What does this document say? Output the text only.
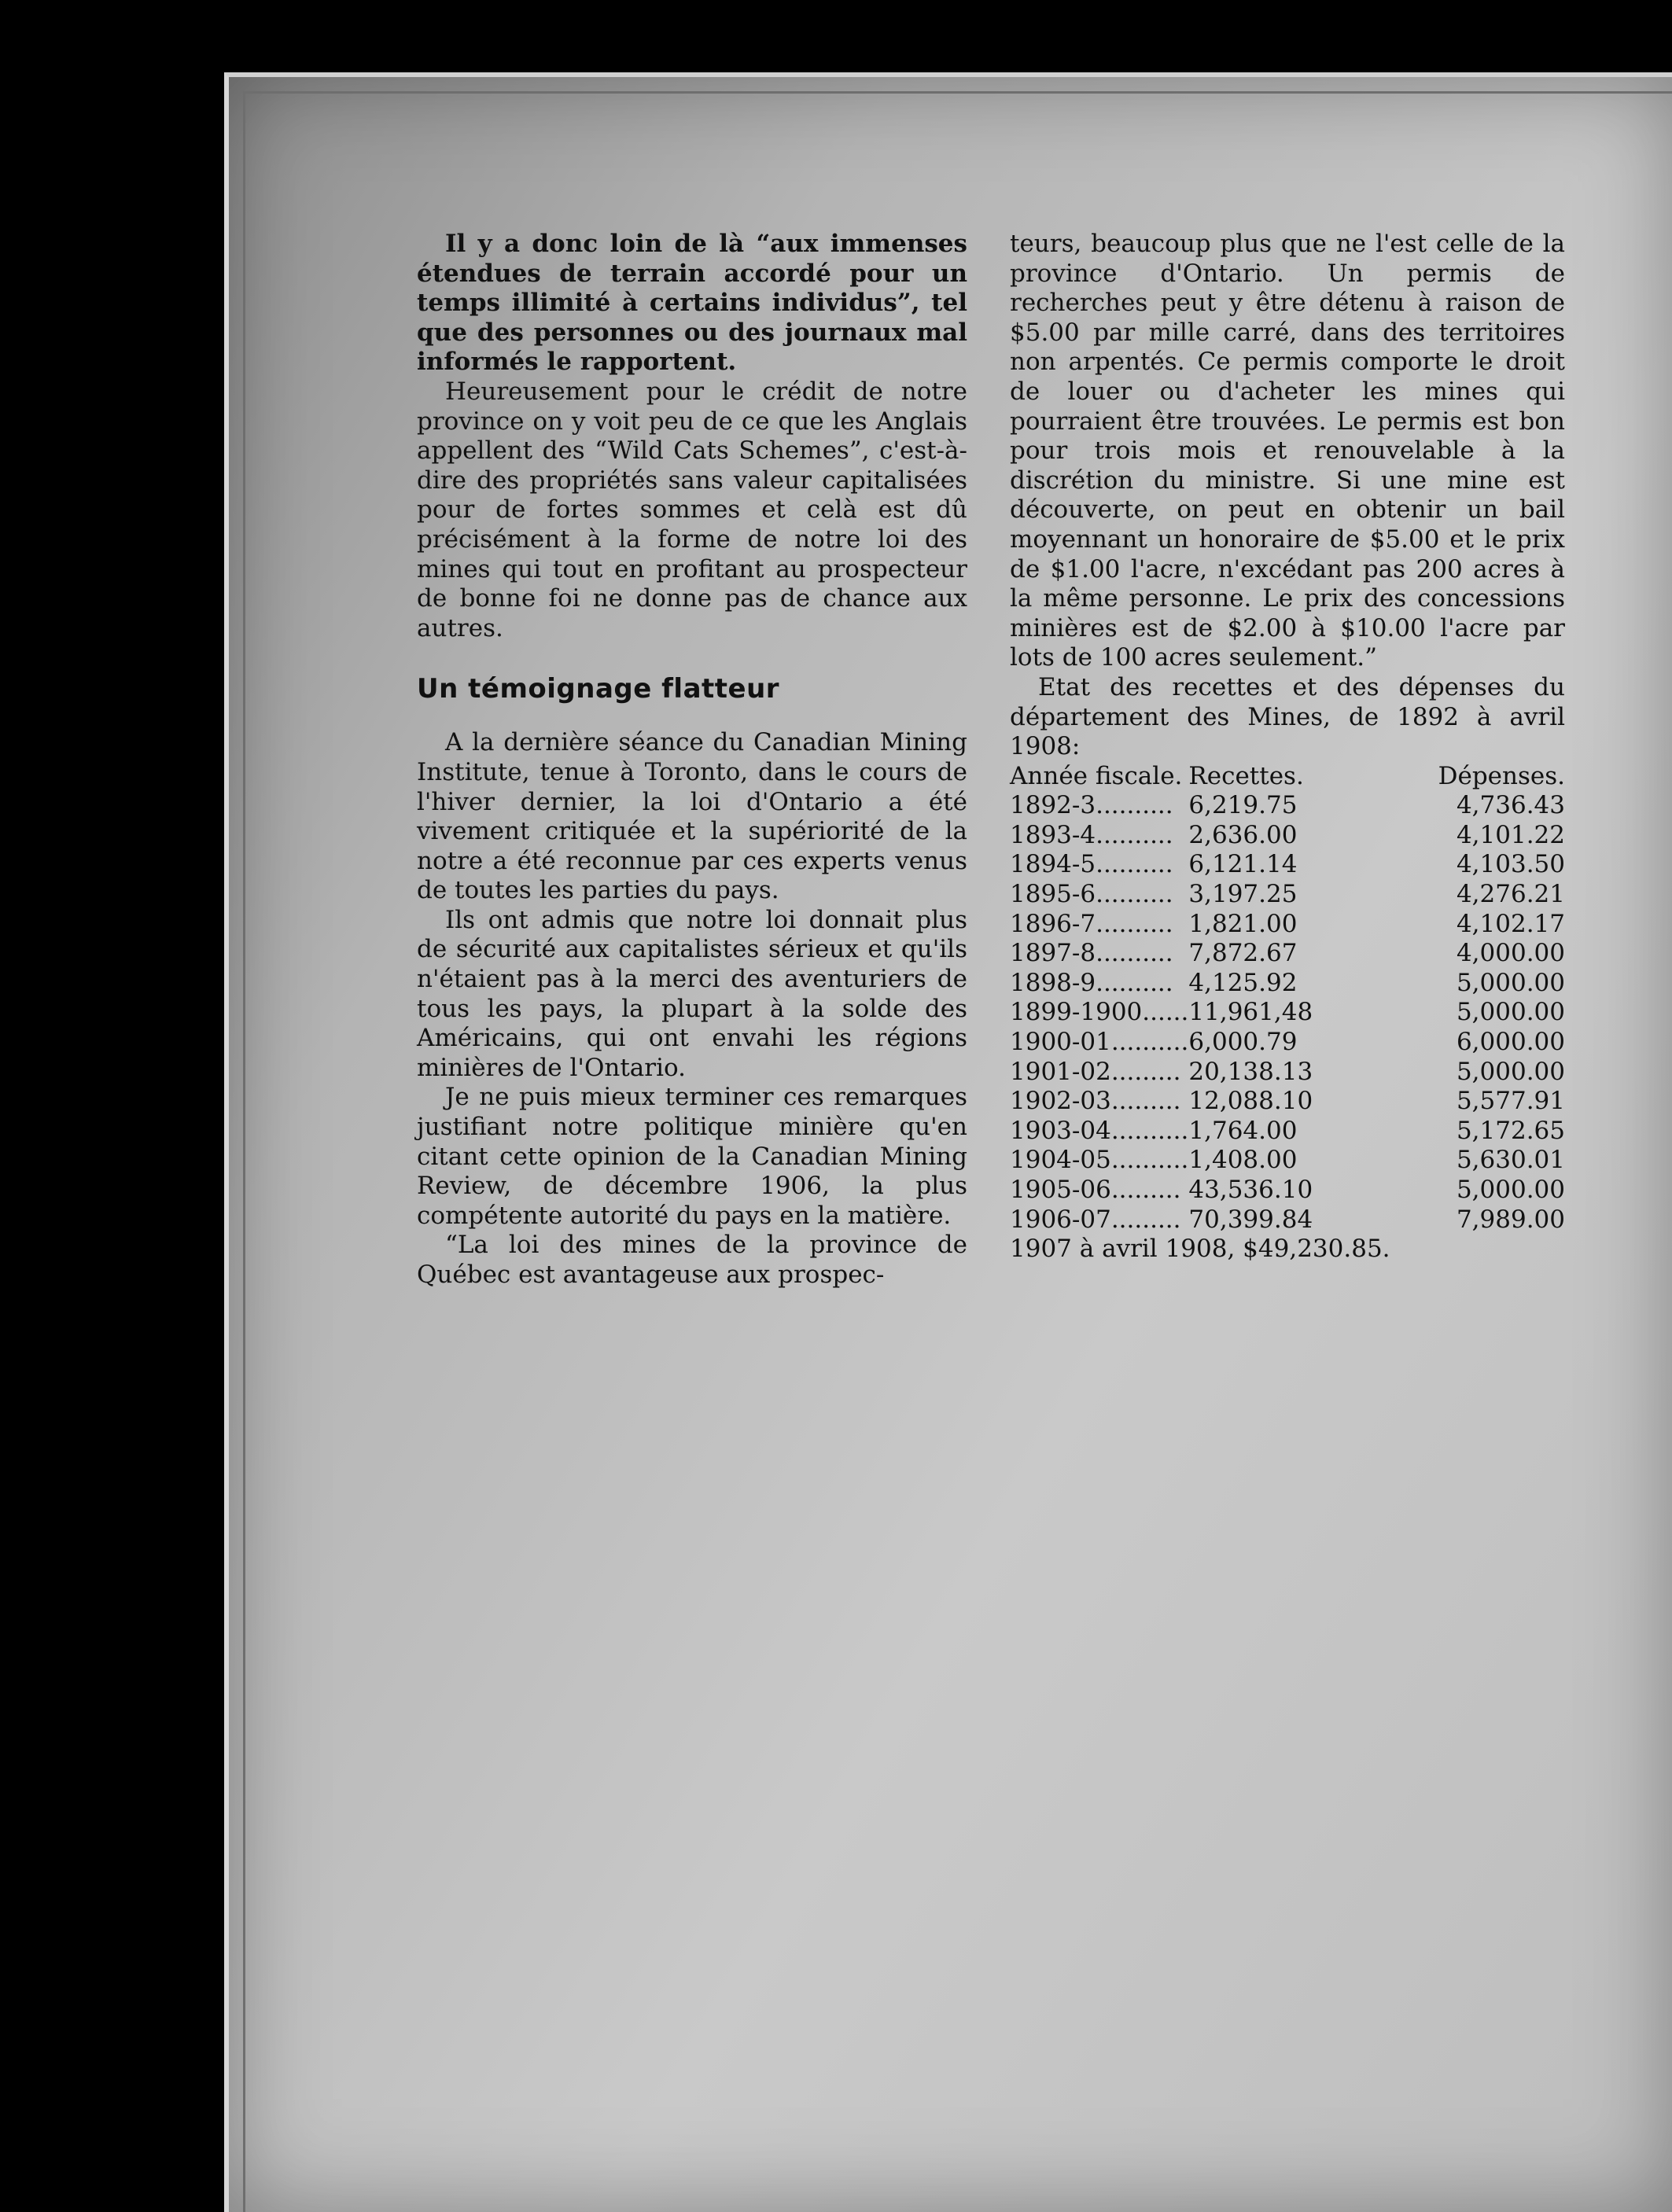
Il y a donc loin de là “aux immenses étendues de terrain accordé pour un temps illimité à certains individus”, tel que des personnes ou des journaux mal informés le rapportent.

Heureusement pour le crédit de notre province on y voit peu de ce que les Anglais appellent des “Wild Cats Schemes”, c'est-à-dire des propriétés sans valeur capitalisées pour de fortes sommes et celà est dû précisément à la forme de notre loi des mines qui tout en profitant au prospecteur de bonne foi ne donne pas de chance aux autres.

Un témoignage flatteur

A la dernière séance du Canadian Mining Institute, tenue à Toronto, dans le cours de l'hiver dernier, la loi d'Ontario a été vivement critiquée et la supériorité de la notre a été reconnue par ces experts venus de toutes les parties du pays.

Ils ont admis que notre loi donnait plus de sécurité aux capitalistes sérieux et qu'ils n'étaient pas à la merci des aventuriers de tous les pays, la plupart à la solde des Américains, qui ont envahi les régions minières de l'Ontario.

Je ne puis mieux terminer ces remarques justifiant notre politique minière qu'en citant cette opinion de la Canadian Mining Review, de décembre 1906, la plus compétente autorité du pays en la matière.

“La loi des mines de la province de Québec est avantageuse aux prospec-

teurs, beaucoup plus que ne l'est celle de la province d'Ontario. Un permis de recherches peut y être détenu à raison de $5.00 par mille carré, dans des territoires non arpentés. Ce permis comporte le droit de louer ou d'acheter les mines qui pourraient être trouvées. Le permis est bon pour trois mois et renouvelable à la discrétion du ministre. Si une mine est découverte, on peut en obtenir un bail moyennant un honoraire de $5.00 et le prix de $1.00 l'acre, n'excédant pas 200 acres à la même personne. Le prix des concessions minières est de $2.00 à $10.00 l'acre par lots de 100 acres seulement.”

Etat des recettes et des dépenses du département des Mines, de 1892 à avril 1908:

Année fiscale.	Recettes.	Dépenses.
1892-3..........	6,219.75	4,736.43
1893-4..........	2,636.00	4,101.22
1894-5..........	6,121.14	4,103.50
1895-6..........	3,197.25	4,276.21
1896-7..........	1,821.00	4,102.17
1897-8..........	7,872.67	4,000.00
1898-9..........	4,125.92	5,000.00
1899-1900......	11,961,48	5,000.00
1900-01..........	6,000.79	6,000.00
1901-02.........	20,138.13	5,000.00
1902-03.........	12,088.10	5,577.91
1903-04..........	1,764.00	5,172.65
1904-05..........	1,408.00	5,630.01
1905-06.........	43,536.10	5,000.00
1906-07.........	70,399.84	7,989.00
1907 à avril 1908, $49,230.85.
